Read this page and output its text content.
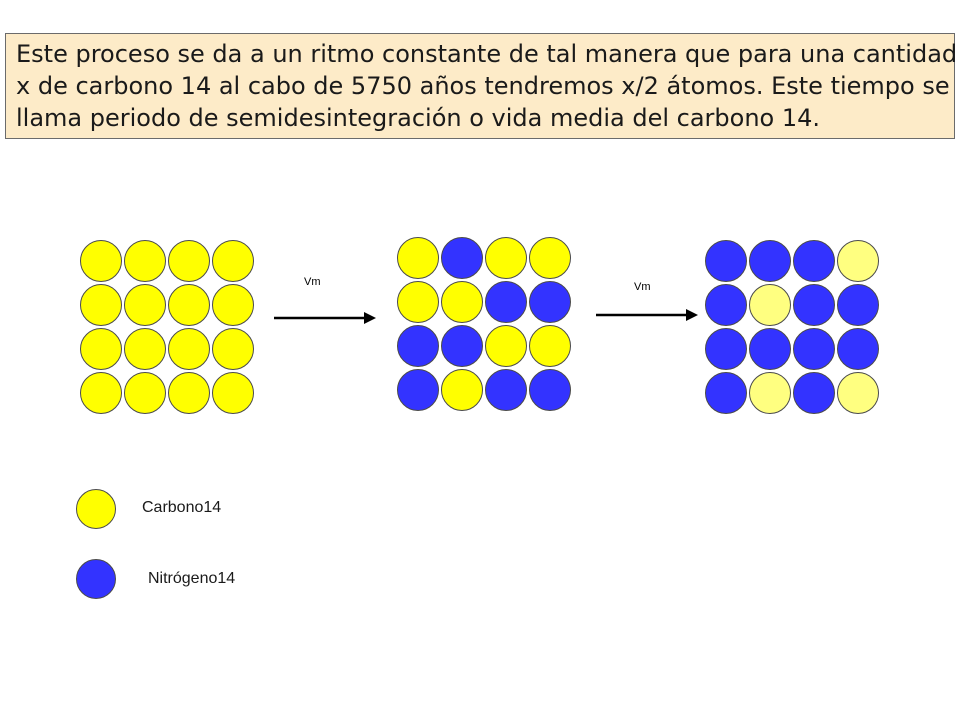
Este proceso se da a un ritmo constante de tal manera que para una cantidad
x de carbono 14 al cabo de 5750 años tendremos x/2 átomos. Este tiempo se
llama periodo de semidesintegración o vida media del carbono 14.
Vm	Vm
Carbono14
Nitrógeno14
